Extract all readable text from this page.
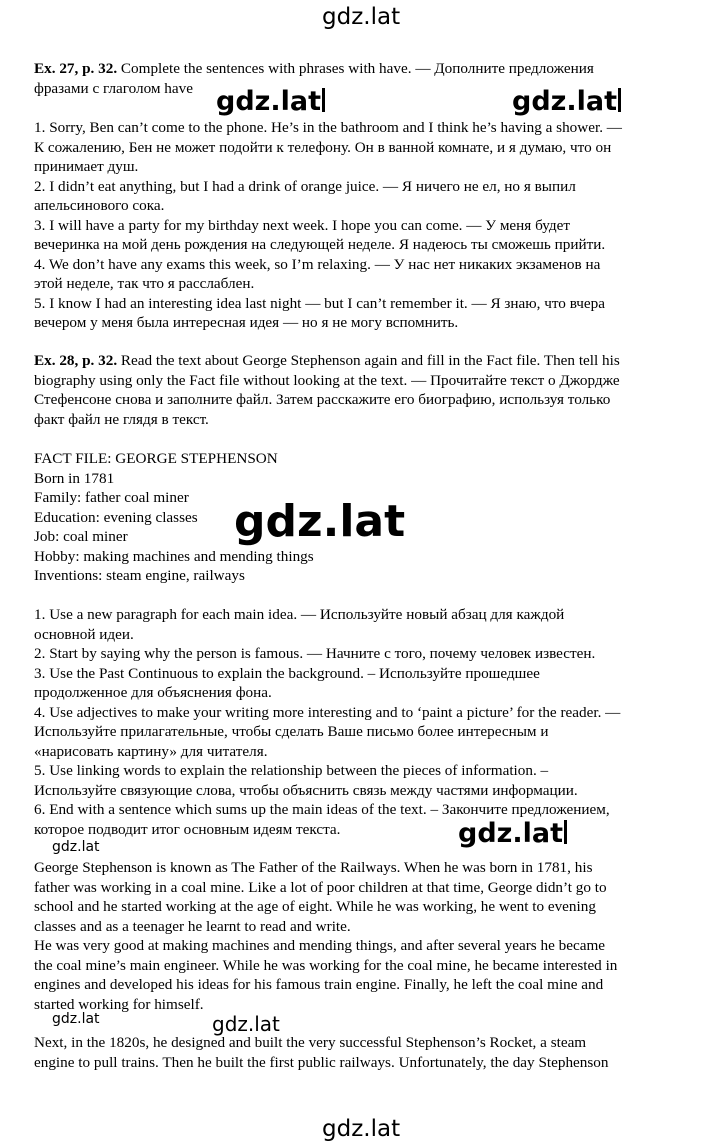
gdz.lat
Ex. 27, p. 32. Complete the sentences with phrases with have. — Дополните предложения
фразами с глаголом have
1. Sorry, Ben can’t come to the phone. He’s in the bathroom and I think he’s having a shower. —
К сожалению, Бен не может подойти к телефону. Он в ванной комнате, и я думаю, что он
принимает душ.
2. I didn’t eat anything, but I had a drink of orange juice. — Я ничего не ел, но я выпил
апельсинового сока.
3. I will have a party for my birthday next week. I hope you can come. — У меня будет
вечеринка на мой день рождения на следующей неделе. Я надеюсь ты сможешь прийти.
4. We don’t have any exams this week, so I’m relaxing. — У нас нет никаких экзаменов на
этой неделе, так что я расслаблен.
5. I know I had an interesting idea last night — but I can’t remember it. — Я знаю, что вчера
вечером у меня была интересная идея — но я не могу вспомнить.
Ex. 28, p. 32. Read the text about George Stephenson again and fill in the Fact file. Then tell his
biography using only the Fact file without looking at the text. — Прочитайте текст о Джордже
Стефенсоне снова и заполните файл. Затем расскажите его биографию, используя только
факт файл не глядя в текст.
FACT FILE: GEORGE STEPHENSON
Born in 1781
Family: father coal miner
Education: evening classes
Job: coal miner
Hobby: making machines and mending things
Inventions: steam engine, railways
1. Use a new paragraph for each main idea. — Используйте новый абзац для каждой
основной идеи.
2. Start by saying why the person is famous. — Начните с того, почему человек известен.
3. Use the Past Continuous to explain the background. – Используйте прошедшее
продолженное для объяснения фона.
4. Use adjectives to make your writing more interesting and to ‘paint a picture’ for the reader. —
Используйте прилагательные, чтобы сделать Ваше письмо более интересным и
«нарисовать картину» для читателя.
5. Use linking words to explain the relationship between the pieces of information. –
Используйте связующие слова, чтобы объяснить связь между частями информации.
6. End with a sentence which sums up the main ideas of the text. – Закончите предложением,
которое подводит итог основным идеям текста.
George Stephenson is known as The Father of the Railways. When he was born in 1781, his
father was working in a coal mine. Like a lot of poor children at that time, George didn’t go to
school and he started working at the age of eight. While he was working, he went to evening
classes and as a teenager he learnt to read and write.
He was very good at making machines and mending things, and after several years he became
the coal mine’s main engineer. While he was working for the coal mine, he became interested in
engines and developed his ideas for his famous train engine. Finally, he left the coal mine and
started working for himself.
Next, in the 1820s, he designed and built the very successful Stephenson’s Rocket, a steam
engine to pull trains. Then he built the first public railways. Unfortunately, the day Stephenson
gdz.lat	gdz.lat
gdz.lat
gdz.lat
gdz.lat
gdz.lat	gdz.lat
gdz.lat
